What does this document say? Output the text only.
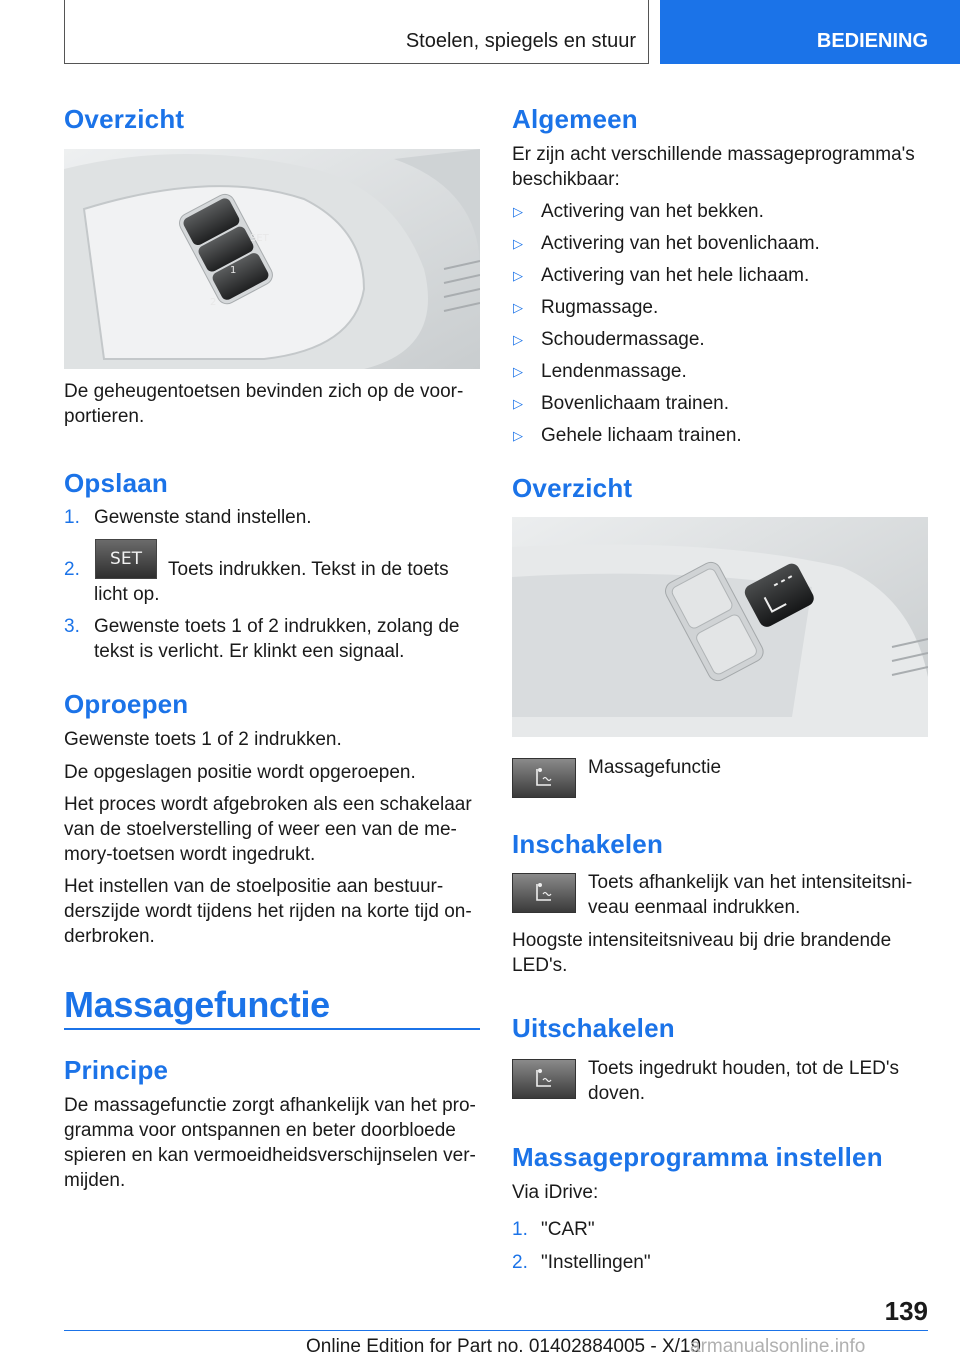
Stoelen, spiegels en stuur	BEDIENING
Overzicht
SET
1
2

De geheugentoetsen bevinden zich op de voor-

portieren.

Opslaan
1. Gewenste stand instellen.

2.	SET	Toets indrukken. Tekst in de toets

licht op.

3. Gewenste toets 1 of 2 indrukken, zolang de

tekst is verlicht. Er klinkt een signaal.

Oproepen

Gewenste toets 1 of 2 indrukken.

De opgeslagen positie wordt opgeroepen.

Het proces wordt afgebroken als een schakelaar

van de stoelverstelling of weer een van de me-

mory-toetsen wordt ingedrukt.

Het instellen van de stoelpositie aan bestuur-

derszijde wordt tijdens het rijden na korte tijd on-

derbroken.

Massagefunctie
Principe

De massagefunctie zorgt afhankelijk van het pro-

gramma voor ontspannen en beter doorbloede

spieren en kan vermoeidheidsverschijnselen ver-

mijden.

Algemeen

Er zijn acht verschillende massageprogramma's

beschikbaar:

▷ Activering van het bekken.

▷ Activering van het bovenlichaam.

▷ Activering van het hele lichaam.

▷ Rugmassage.

▷ Schoudermassage.

▷ Lendenmassage.

▷ Bovenlichaam trainen.

▷ Gehele lichaam trainen.

Overzicht

Massagefunctie

Inschakelen

Toets afhankelijk van het intensiteitsni-

veau eenmaal indrukken.

Hoogste intensiteitsniveau bij drie brandende

LED's.

Uitschakelen

Toets ingedrukt houden, tot de LED's

doven.

Massageprogramma instellen

Via iDrive:

1. "CAR"

2. "Instellingen"

139
Online Edition for Part no. 01402884005 - X/19
armanualsonline.info
